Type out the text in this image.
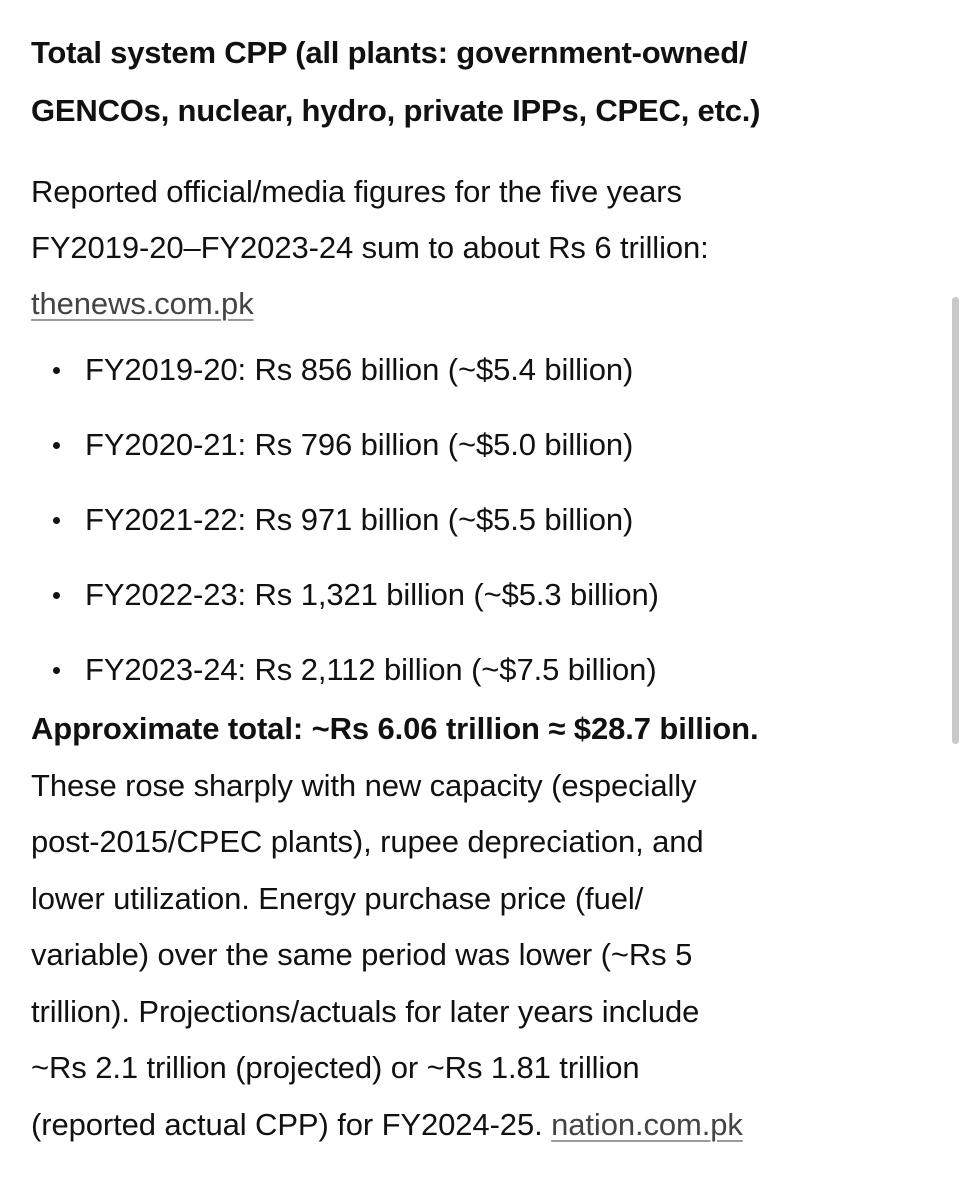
Total system CPP (all plants: government-owned/
GENCOs, nuclear, hydro, private IPPs, CPEC, etc.)
Reported official/media figures for the five years
FY2019-20–FY2023-24 sum to about Rs 6 trillion:
thenews.com.pk
FY2019-20: Rs 856 billion (~$5.4 billion)
FY2020-21: Rs 796 billion (~$5.0 billion)
FY2021-22: Rs 971 billion (~$5.5 billion)
FY2022-23: Rs 1,321 billion (~$5.3 billion)
FY2023-24: Rs 2,112 billion (~$7.5 billion)
Approximate total: ~Rs 6.06 trillion ≈ $28.7 billion.
These rose sharply with new capacity (especially
post-2015/CPEC plants), rupee depreciation, and
lower utilization. Energy purchase price (fuel/
variable) over the same period was lower (~Rs 5
trillion). Projections/actuals for later years include
~Rs 2.1 trillion (projected) or ~Rs 1.81 trillion
(reported actual CPP) for FY2024-25. nation.com.pk
